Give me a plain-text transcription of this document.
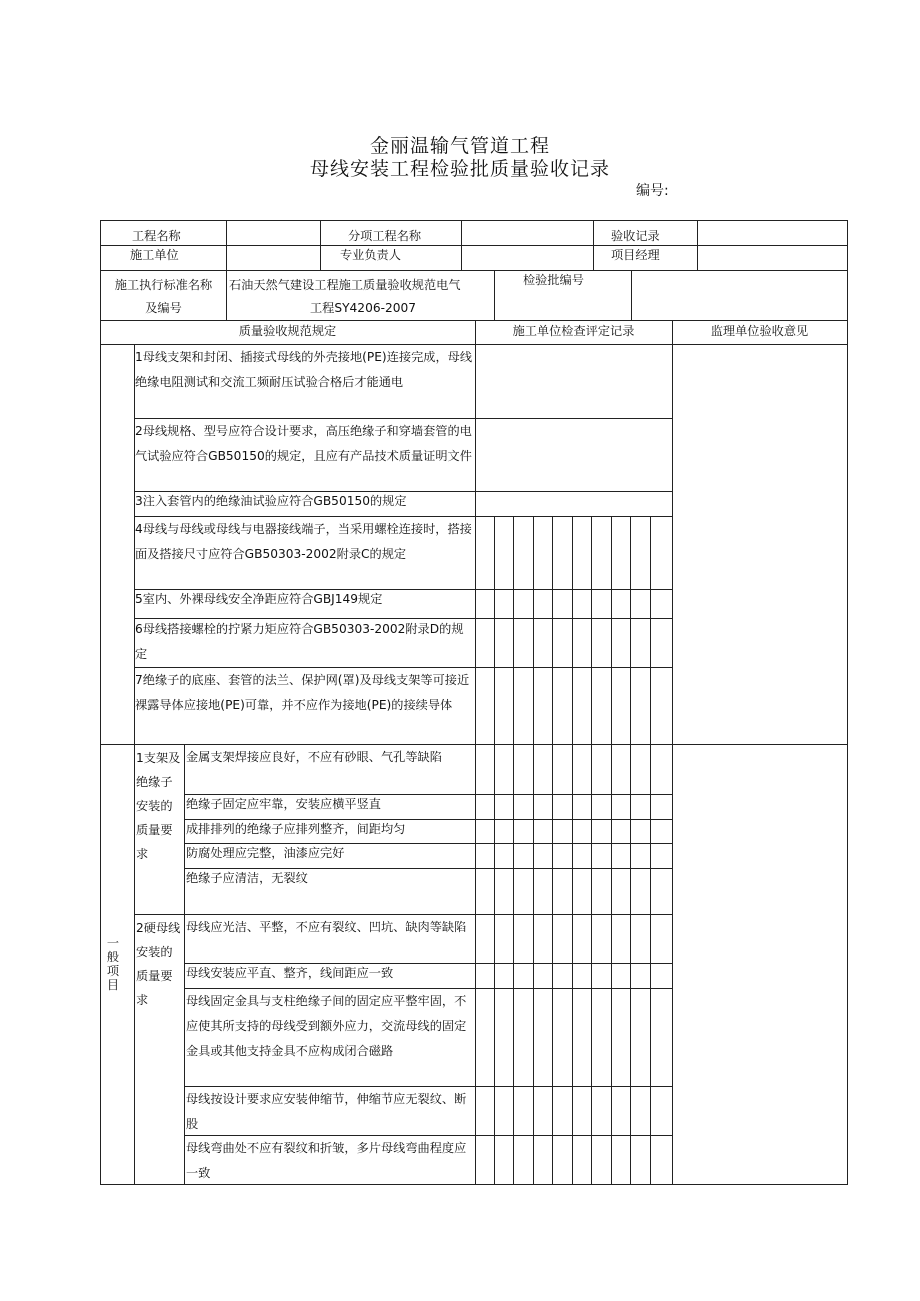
金丽温输气管道工程
母线安装工程检验批质量验收记录
编号:
工程名称	分项工程名称	验收记录
施工单位	专业负责人	项目经理
施工执行标准名称
及编号
石油天然气建设工程施工质量验收规范电气
工程SY4206-2007
检验批编号
质量验收规范规定	施工单位检查评定记录	监理单位验收意见
1母线支架和封闭、插接式母线的外壳接地(PE)连接完成，母线绝缘电阻测试和交流工频耐压试验合格后才能通电
2母线规格、型号应符合设计要求，高压绝缘子和穿墙套管的电气试验应符合GB50150的规定，且应有产品技术质量证明文件
3注入套管内的绝缘油试验应符合GB50150的规定
4母线与母线或母线与电器接线端子，当采用螺栓连接时，搭接面及搭接尺寸应符合GB50303-2002附录C的规定
5室内、外裸母线安全净距应符合GBJ149规定
6母线搭接螺栓的拧紧力矩应符合GB50303-2002附录D的规定
7绝缘子的底座、套管的法兰、保护网(罩)及母线支架等可接近裸露导体应接地(PE)可靠，并不应作为接地(PE)的接续导体
一般项目
1支架及绝缘子安装的质量要 求
金属支架焊接应良好，不应有砂眼、气孔等缺陷
绝缘子固定应牢靠，安装应横平竖直
成排排列的绝缘子应排列整齐，间距均匀
防腐处理应完整，油漆应完好
绝缘子应清洁，无裂纹
2硬母线安装的质量要求
母线应光洁、平整，不应有裂纹、凹坑、缺肉等缺陷
母线安装应平直、整齐，线间距应一致
母线固定金具与支柱绝缘子间的固定应平整牢固，不应使其所支持的母线受到额外应力，交流母线的固定金具或其他支持金具不应构成闭合磁路
母线按设计要求应安装伸缩节，伸缩节应无裂纹、断股
母线弯曲处不应有裂纹和折皱，多片母线弯曲程度应一致
